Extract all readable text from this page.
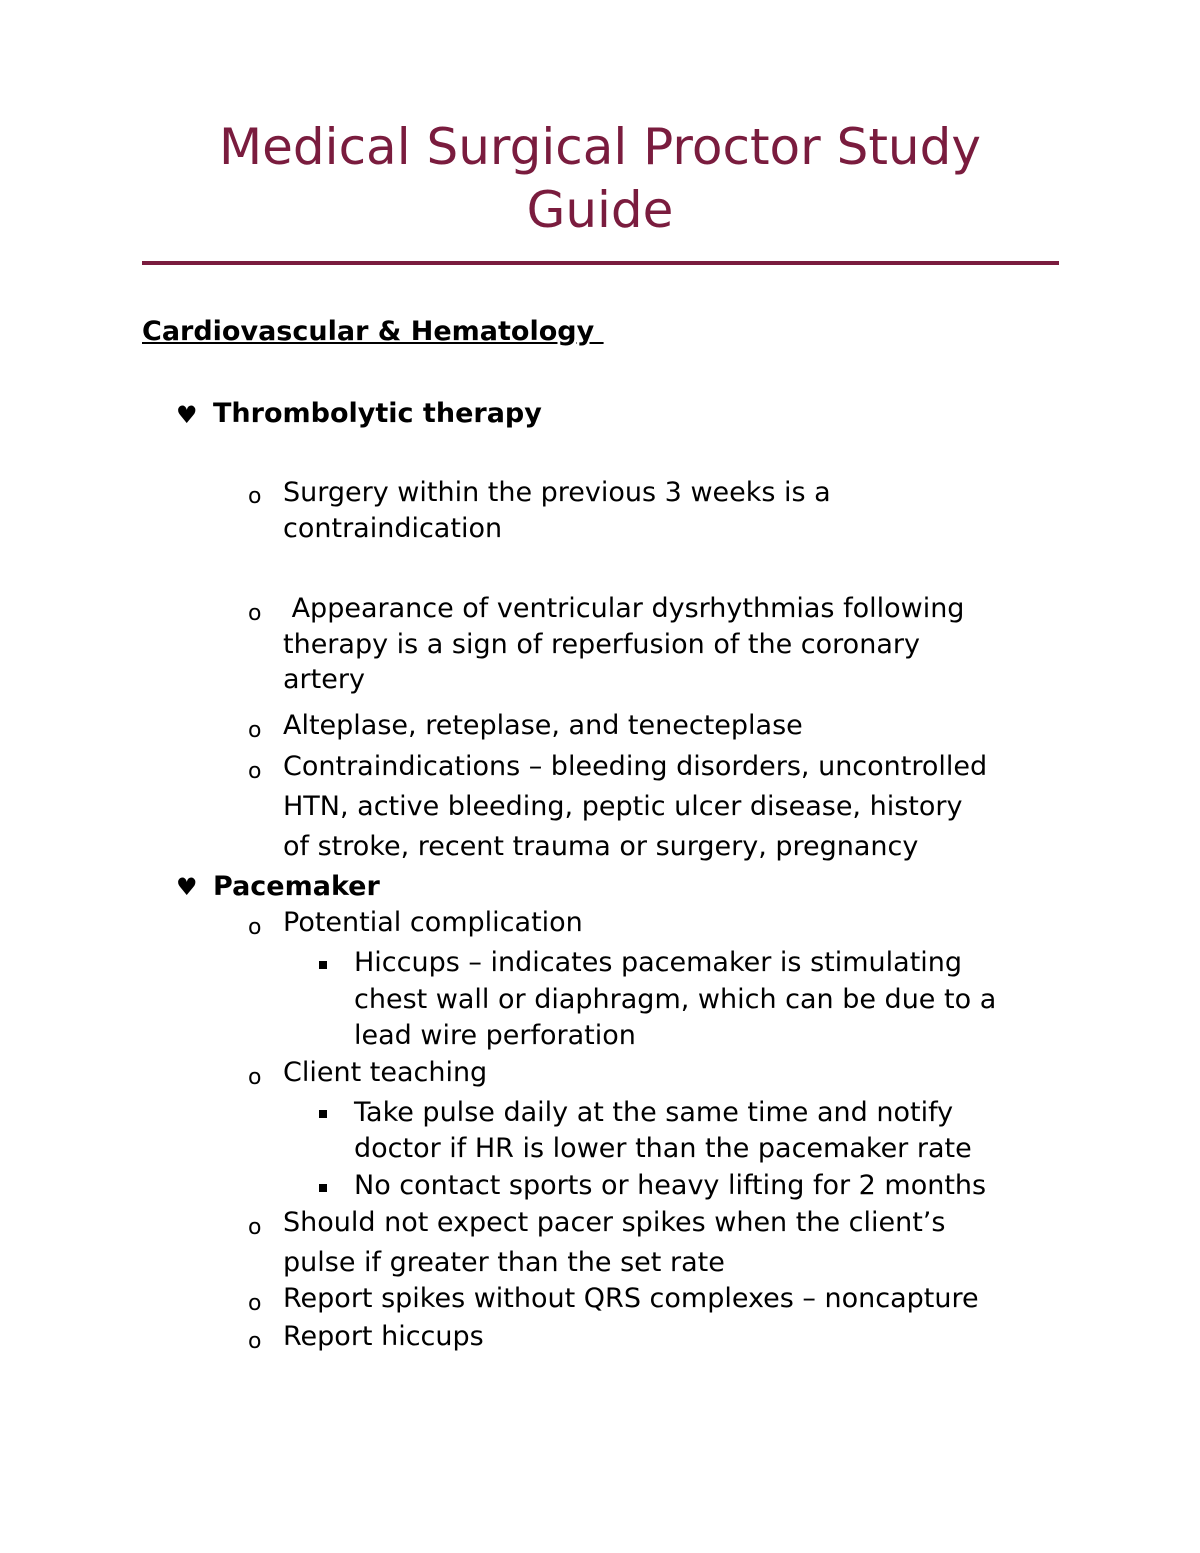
Medical Surgical Proctor Study
Guide
Cardiovascular & Hematology
♥ Thrombolytic therapy
o Surgery within the previous 3 weeks is a
contraindication
o Appearance of ventricular dysrhythmias following
therapy is a sign of reperfusion of the coronary
artery
o Alteplase, reteplase, and tenecteplase
o Contraindications – bleeding disorders, uncontrolled
HTN, active bleeding, peptic ulcer disease, history
of stroke, recent trauma or surgery, pregnancy
♥ Pacemaker
o Potential complication
Hiccups – indicates pacemaker is stimulating
chest wall or diaphragm, which can be due to a
lead wire perforation
o Client teaching
Take pulse daily at the same time and notify
doctor if HR is lower than the pacemaker rate
No contact sports or heavy lifting for 2 months
o Should not expect pacer spikes when the client’s
pulse if greater than the set rate
o Report spikes without QRS complexes – noncapture
o Report hiccups
